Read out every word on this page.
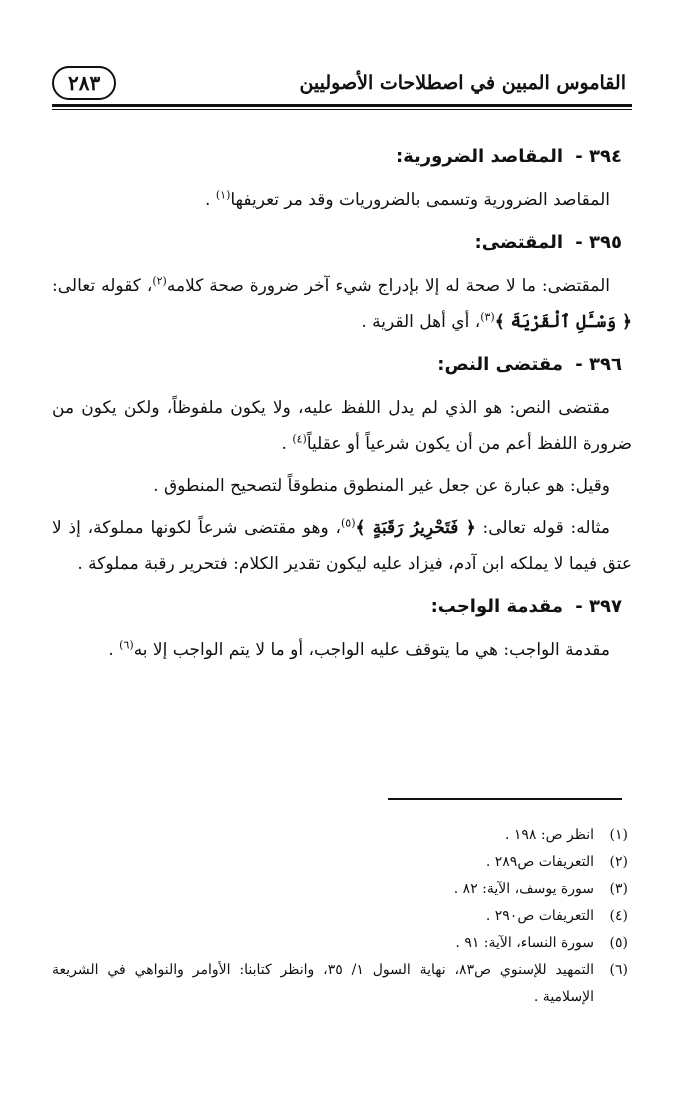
القاموس المبين في اصطلاحات الأصوليين
٢٨٣
٣٩٤ - المقاصد الضرورية:

المقاصد الضرورية وتسمى بالضروريات وقد مر تعريفها$^{(١)}$ .

٣٩٥ - المقتضى:

المقتضى: ما لا صحة له إلا بإدراج شيء آخر ضرورة صحة كلامه$^{(٢)}$، كقوله تعالى: ﴿ وَسْـَٔلِ ٱلْقَرْيَةَ ﴾$^{(٣)}$، أي أهل القرية .

٣٩٦ - مقتضى النص:

مقتضى النص: هو الذي لم يدل اللفظ عليه، ولا يكون ملفوظاً، ولكن يكون من ضرورة اللفظ أعم من أن يكون شرعياً أو عقلياً$^{(٤)}$ .

وقيل: هو عبارة عن جعل غير المنطوق منطوقاً لتصحيح المنطوق .

مثاله: قوله تعالى: ﴿ فَتَحْرِيرُ رَقَبَةٍ ﴾$^{(٥)}$، وهو مقتضى شرعاً لكونها مملوكة، إذ لا عتق فيما لا يملكه ابن آدم، فيزاد عليه ليكون تقدير الكلام: فتحرير رقبة مملوكة .

٣٩٧ - مقدمة الواجب:

مقدمة الواجب: هي ما يتوقف عليه الواجب، أو ما لا يتم الواجب إلا به$^{(٦)}$ .

(١)
انظر ص: ١٩٨ .
(٢)
التعريفات ص٢٨٩ .
(٣)
سورة يوسف، الآية: ٨٢ .
(٤)
التعريفات ص٢٩٠ .
(٥)
سورة النساء، الآية: ٩١ .
(٦)
التمهيد للإسنوي ص٨٣، نهاية السول ١/ ٣٥، وانظر كتابنا: الأوامر والنواهي في الشريعة الإسلامية .
